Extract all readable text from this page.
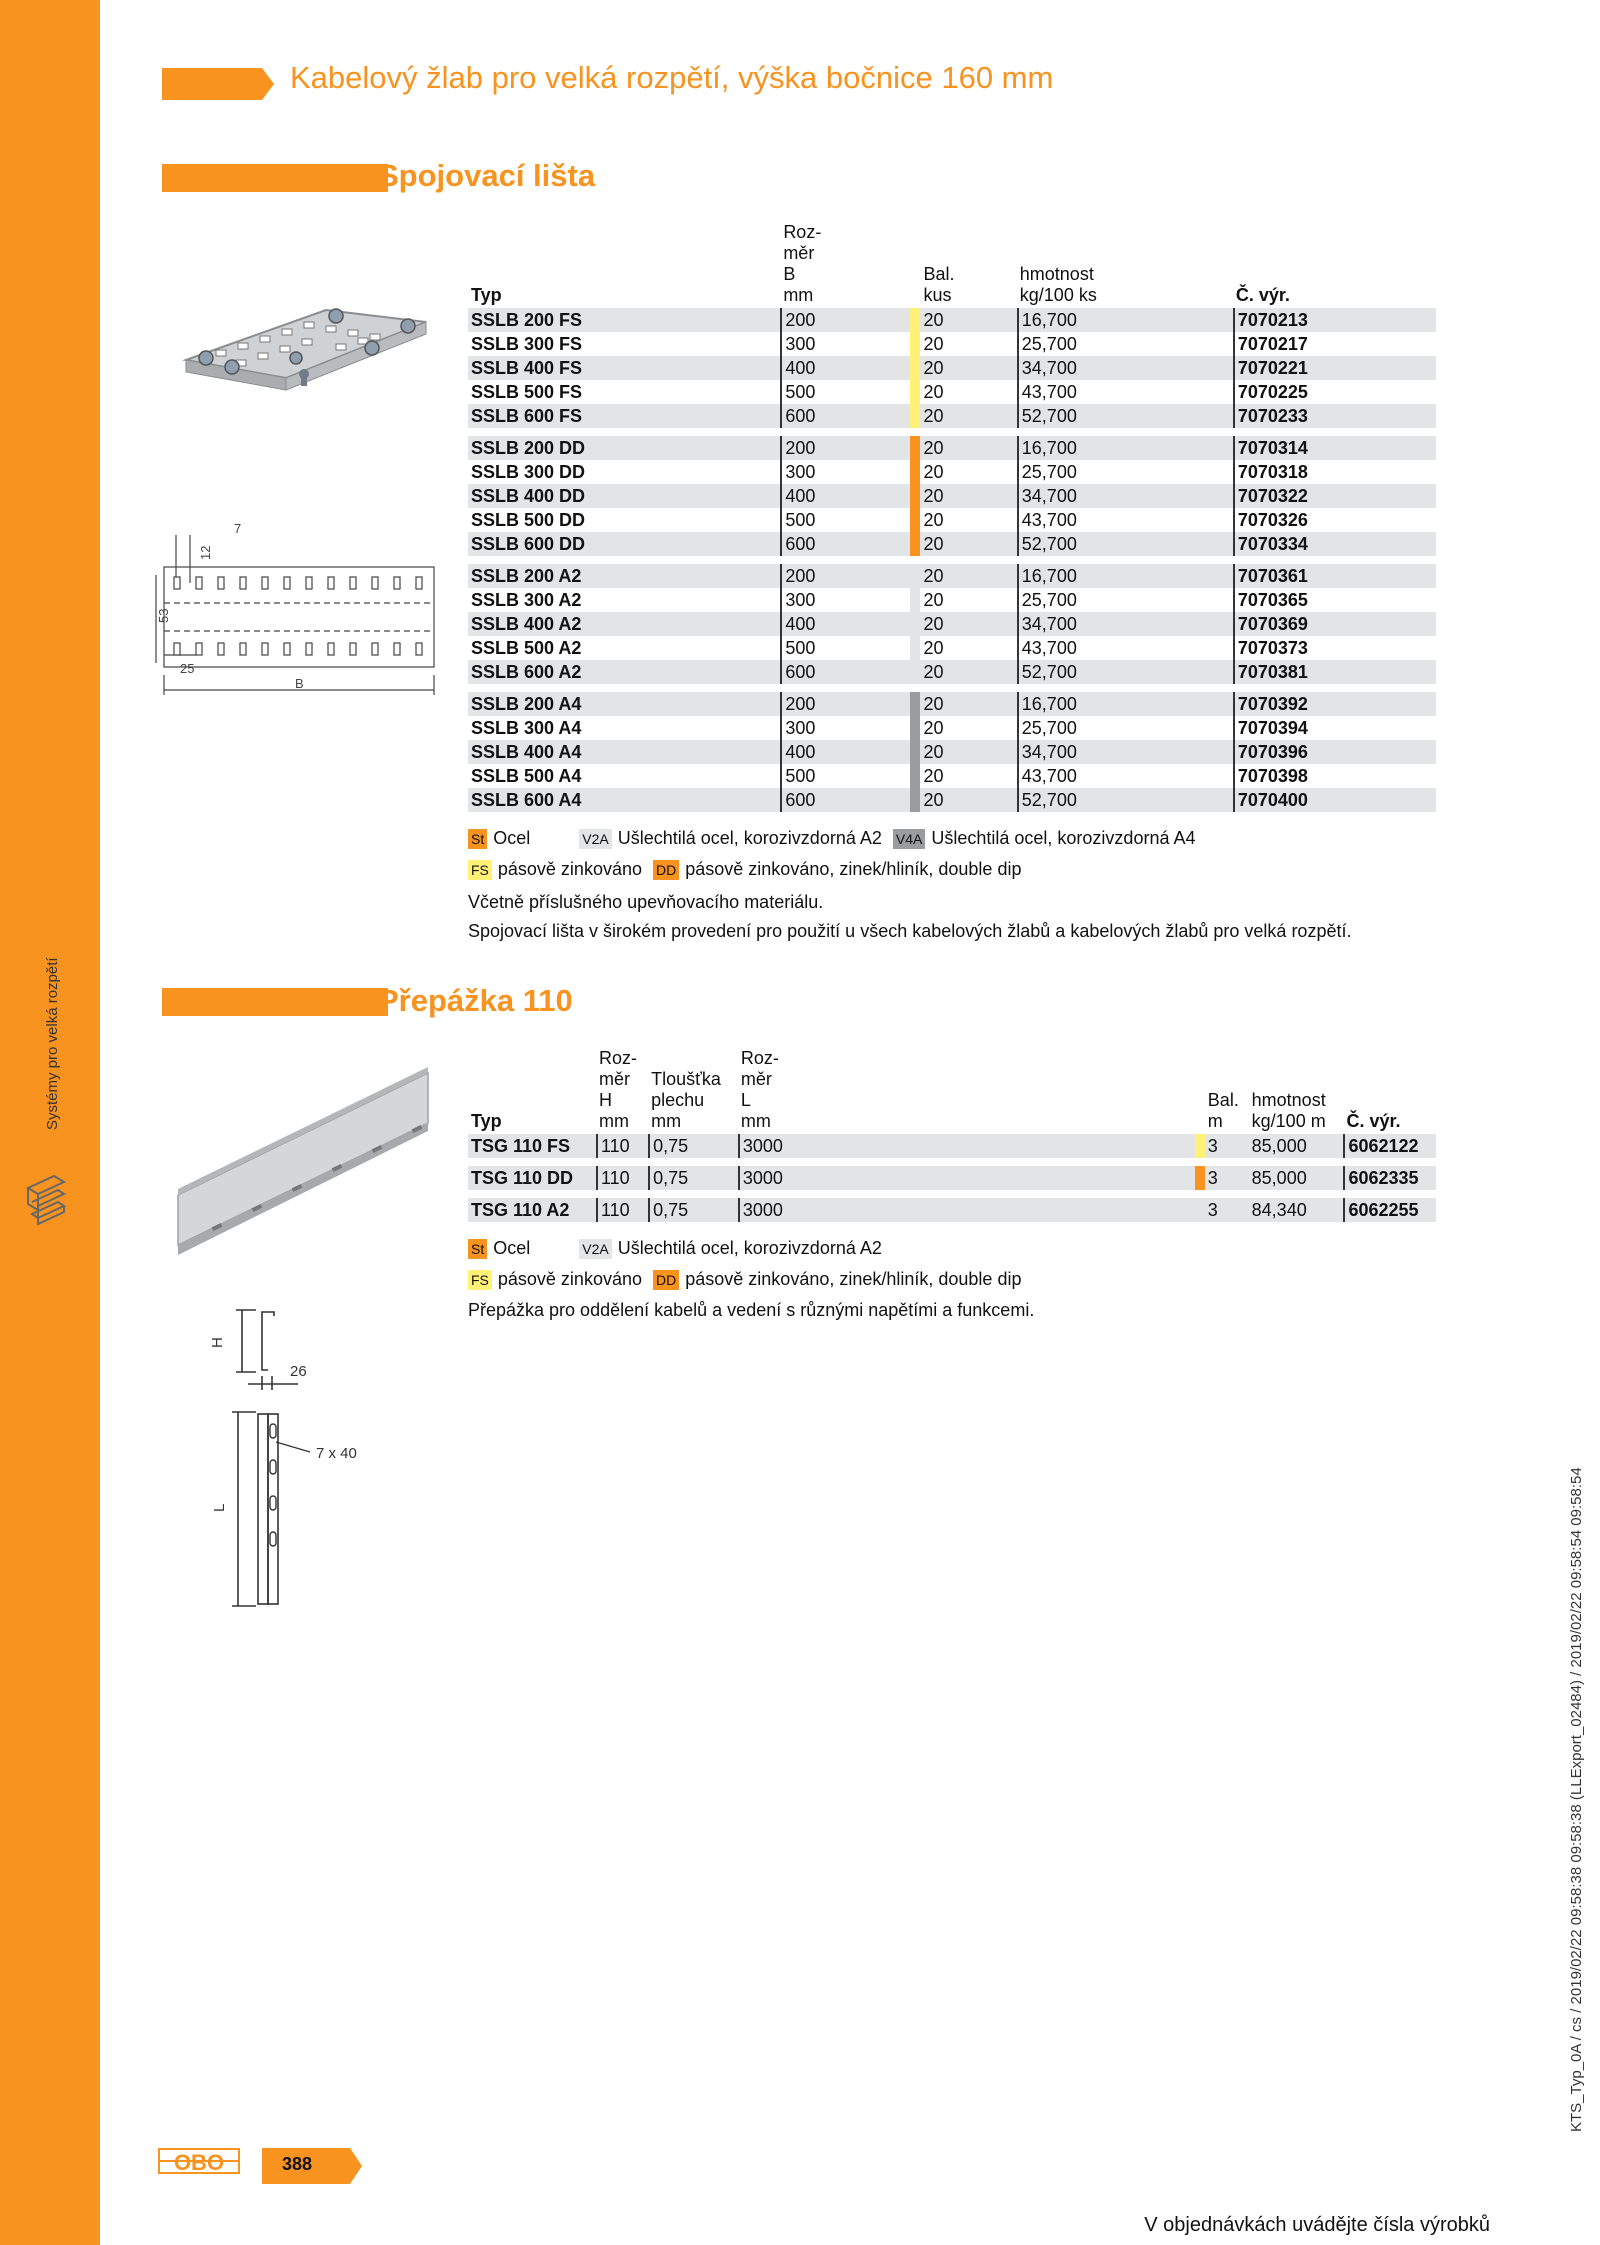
Systémy pro velká rozpětí
Kabelový žlab pro velká rozpětí, výška bočnice 160 mm
Spojovací lišta
7
12
53
25
B
Typ	Roz-
měr
B
mm			Bal.
kus	hmotnost
kg/100 ks	Č. výr.
SSLB 200 FS	200			20	16,700	7070213
SSLB 300 FS	300			20	25,700	7070217
SSLB 400 FS	400			20	34,700	7070221
SSLB 500 FS	500			20	43,700	7070225
SSLB 600 FS	600			20	52,700	7070233

SSLB 200 DD	200			20	16,700	7070314
SSLB 300 DD	300			20	25,700	7070318
SSLB 400 DD	400			20	34,700	7070322
SSLB 500 DD	500			20	43,700	7070326
SSLB 600 DD	600			20	52,700	7070334

SSLB 200 A2	200			20	16,700	7070361
SSLB 300 A2	300			20	25,700	7070365
SSLB 400 A2	400			20	34,700	7070369
SSLB 500 A2	500			20	43,700	7070373
SSLB 600 A2	600			20	52,700	7070381

SSLB 200 A4	200			20	16,700	7070392
SSLB 300 A4	300			20	25,700	7070394
SSLB 400 A4	400			20	34,700	7070396
SSLB 500 A4	500			20	43,700	7070398
SSLB 600 A4	600			20	52,700	7070400
St Ocel	V2A Ušlechtilá ocel, korozivzdorná A2 V4A Ušlechtilá ocel, korozivzdorná A4
FS pásově zinkováno DD pásově zinkováno, zinek/hliník, double dip
Včetně příslušného upevňovacího materiálu.
Spojovací lišta v širokém provedení pro použití u všech kabelových žlabů a kabelových žlabů pro velká rozpětí.
Přepážka 110
H
26
L
7 x 40
Typ	Roz-
měr
H
mm	Tloušťka
plechu
mm	Roz-
měr
L
mm			Bal.
m	hmotnost
kg/100 m	Č. výr.
TSG 110 FS	110	0,75	3000			3	85,000	6062122

TSG 110 DD	110	0,75	3000			3	85,000	6062335

TSG 110 A2	110	0,75	3000			3	84,340	6062255
St Ocel	V2A Ušlechtilá ocel, korozivzdorná A2
FS pásově zinkováno DD pásově zinkováno, zinek/hliník, double dip
Přepážka pro oddělení kabelů a vedení s různými napětími a funkcemi.
KTS_Typ_0A / cs / 2019/02/22 09:58:38 09:58:38 (LLExport_02484) / 2019/02/22 09:58:54 09:58:54
OBO	388
V objednávkách uvádějte čísla výrobků
